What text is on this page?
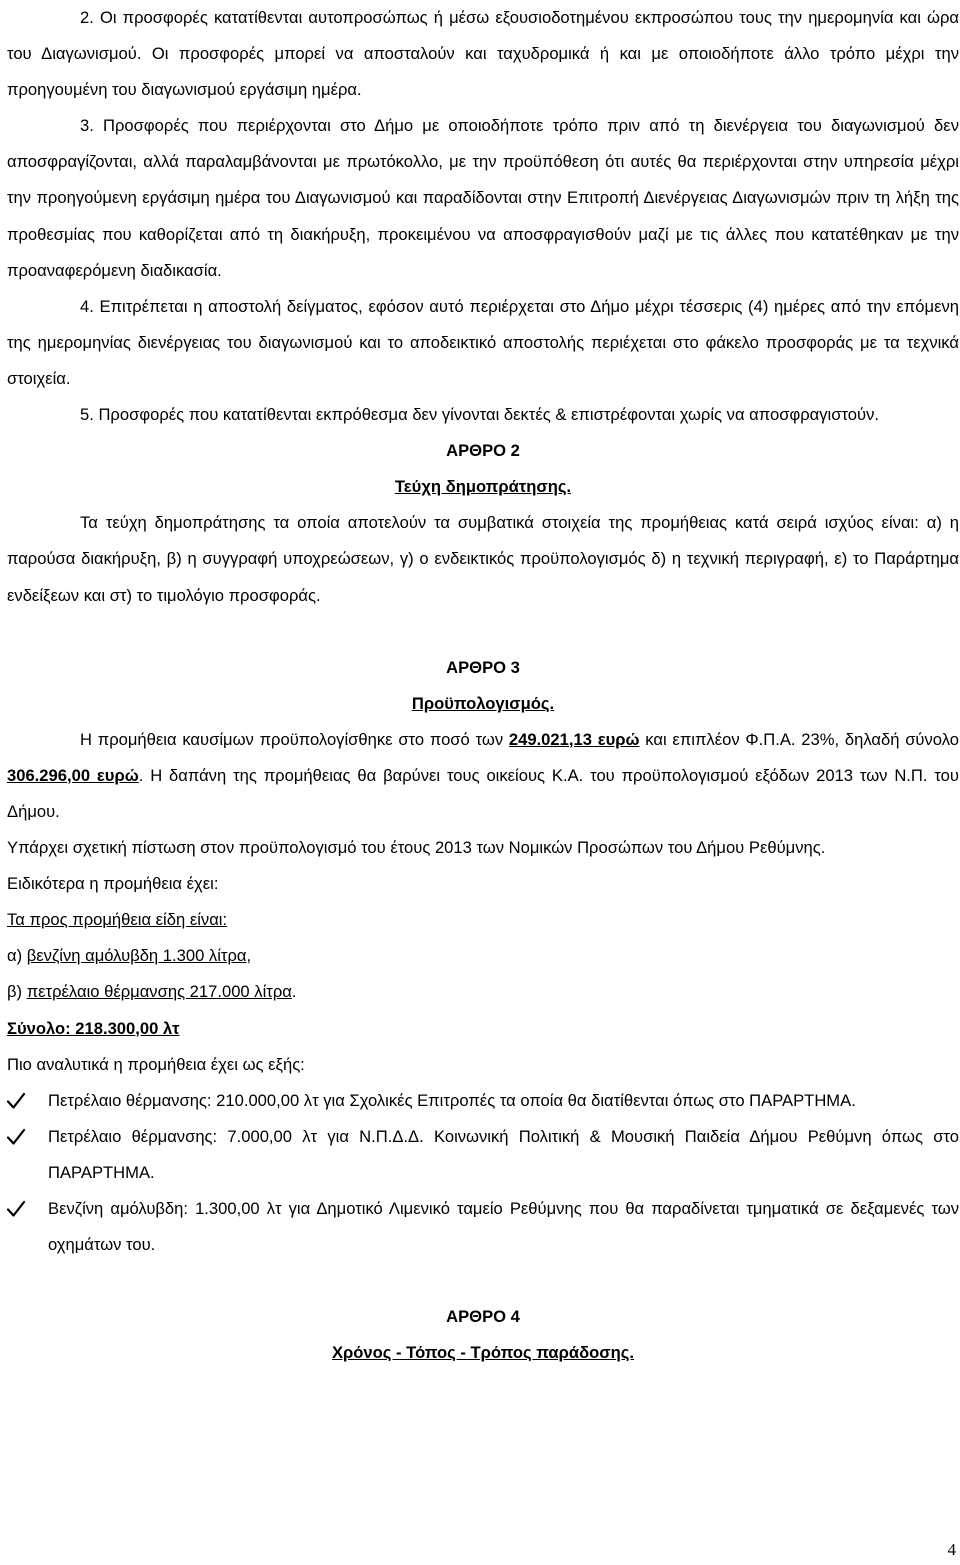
2. Οι προσφορές κατατίθενται αυτοπροσώπως ή μέσω εξουσιοδοτημένου εκπροσώπου τους την ημερομηνία και ώρα του Διαγωνισμού. Οι προσφορές μπορεί να αποσταλούν και ταχυδρομικά ή και με οποιοδήποτε άλλο τρόπο μέχρι την προηγουμένη του διαγωνισμού εργάσιμη ημέρα.

3. Προσφορές που περιέρχονται στο Δήμο με οποιοδήποτε τρόπο πριν από τη διενέργεια του διαγωνισμού δεν αποσφραγίζονται, αλλά παραλαμβάνονται με πρωτόκολλο, με την προϋπόθεση ότι αυτές θα περιέρχονται στην υπηρεσία μέχρι την προηγούμενη εργάσιμη ημέρα του Διαγωνισμού και παραδίδονται στην Επιτροπή Διενέργειας Διαγωνισμών πριν τη λήξη της προθεσμίας που καθορίζεται από τη διακήρυξη, προκειμένου να αποσφραγισθούν μαζί με τις άλλες που κατατέθηκαν με την προαναφερόμενη διαδικασία.

4. Επιτρέπεται η αποστολή δείγματος, εφόσον αυτό περιέρχεται στο Δήμο μέχρι τέσσερις (4) ημέρες από την επόμενη της ημερομηνίας διενέργειας του διαγωνισμού και το αποδεικτικό αποστολής περιέχεται στο φάκελο προσφοράς με τα τεχνικά στοιχεία.

5. Προσφορές που κατατίθενται εκπρόθεσμα δεν γίνονται δεκτές & επιστρέφονται χωρίς να αποσφραγιστούν.

ΑΡΘΡΟ 2

Τεύχη δημοπράτησης.

Τα τεύχη δημοπράτησης τα οποία αποτελούν τα συμβατικά στοιχεία της προμήθειας κατά σειρά ισχύος είναι: α) η παρούσα διακήρυξη, β) η συγγραφή υποχρεώσεων, γ) ο ενδεικτικός προϋπολογισμός δ) η τεχνική περιγραφή, ε) το Παράρτημα ενδείξεων και στ) το τιμολόγιο προσφοράς.

ΑΡΘΡΟ 3

Προϋπολογισμός.

Η προμήθεια καυσίμων προϋπολογίσθηκε στο ποσό των 249.021,13 ευρώ και επιπλέον Φ.Π.Α. 23%, δηλαδή σύνολο 306.296,00 ευρώ. Η δαπάνη της προμήθειας θα βαρύνει τους οικείους Κ.Α. του προϋπολογισμού εξόδων 2013 των Ν.Π. του Δήμου.

Υπάρχει σχετική πίστωση στον προϋπολογισμό του έτους 2013 των Νομικών Προσώπων του Δήμου Ρεθύμνης.

Ειδικότερα η προμήθεια έχει:

Τα προς προμήθεια είδη είναι:

α) βενζίνη αμόλυβδη 1.300 λίτρα,

β) πετρέλαιο θέρμανσης 217.000 λίτρα.

Σύνολο: 218.300,00 λτ

Πιο αναλυτικά η προμήθεια έχει ως εξής:

Πετρέλαιο θέρμανσης: 210.000,00 λτ για Σχολικές Επιτροπές τα οποία θα διατίθενται όπως στο ΠΑΡΑΡΤΗΜΑ.

Πετρέλαιο θέρμανσης: 7.000,00 λτ για Ν.Π.Δ.Δ. Κοινωνική Πολιτική & Μουσική Παιδεία Δήμου Ρεθύμνη όπως στο ΠΑΡΑΡΤΗΜΑ.

Βενζίνη αμόλυβδη: 1.300,00 λτ για Δημοτικό Λιμενικό ταμείο Ρεθύμνης που θα παραδίνεται τμηματικά σε δεξαμενές των οχημάτων του.

ΑΡΘΡΟ 4

Χρόνος - Τόπος - Τρόπος παράδοσης.

4
